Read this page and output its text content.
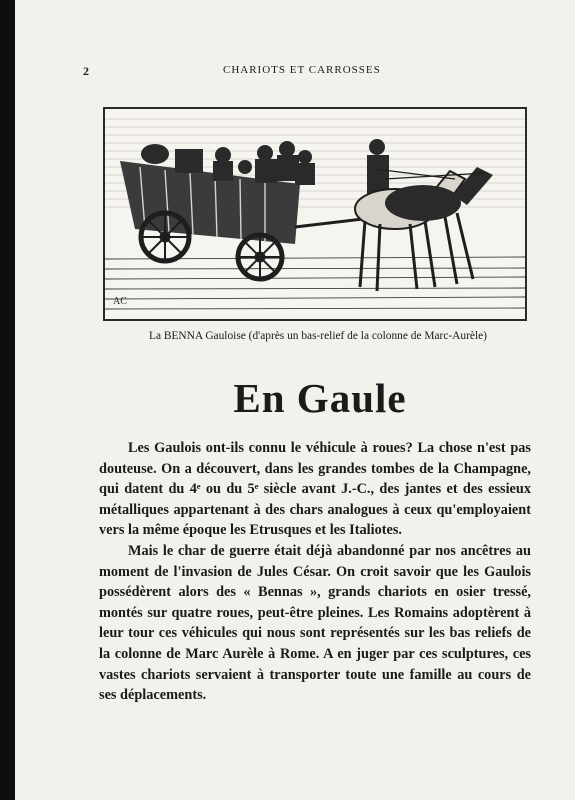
2	CHARIOTS ET CARROSSES
AC
La BENNA Gauloise (d'après un bas-relief de la colonne de Marc-Aurèle)
En Gaule

Les Gaulois ont-ils connu le véhicule à roues? La chose n'est pas douteuse. On a découvert, dans les grandes tombes de la Champagne, qui datent du 4ᵉ ou du 5ᵉ siècle avant J.-C., des jantes et des essieux métalliques appartenant à des chars analogues à ceux qu'employaient vers la même époque les Etrusques et les Italiotes.

Mais le char de guerre était déjà abandonné par nos ancêtres au moment de l'invasion de Jules César. On croit savoir que les Gaulois possédèrent alors des « Bennas », grands chariots en osier tressé, montés sur quatre roues, peut-être pleines. Les Romains adoptèrent à leur tour ces véhicules qui nous sont représentés sur les bas reliefs de la colonne de Marc Aurèle à Rome. A en juger par ces sculptures, ces vastes chariots servaient à transporter toute une famille au cours de ses déplacements.
